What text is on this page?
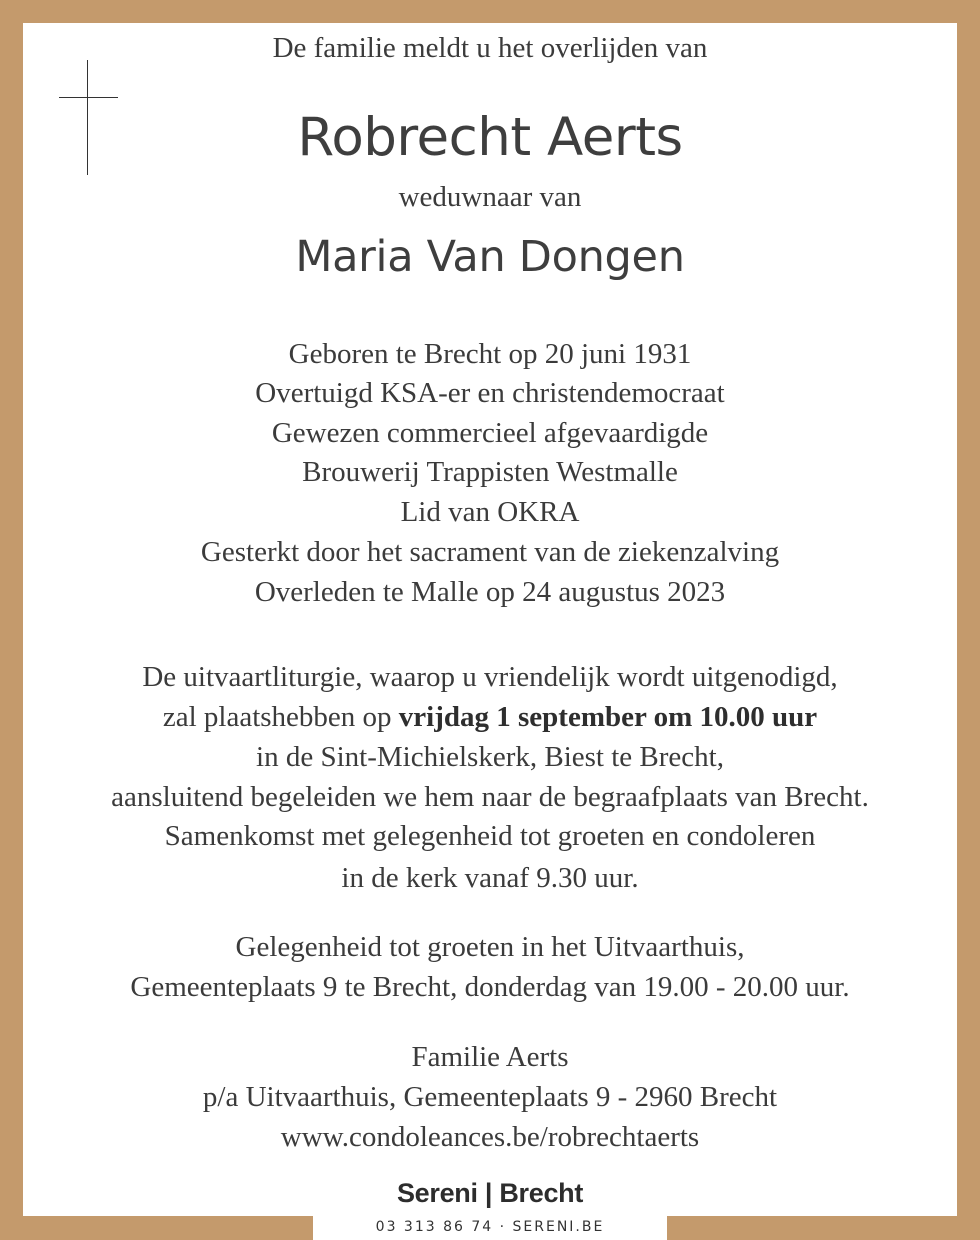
De familie meldt u het overlijden van
Robrecht Aerts
weduwnaar van
Maria Van Dongen
Geboren te Brecht op 20 juni 1931
Overtuigd KSA-er en christendemocraat
Gewezen commercieel afgevaardigde
Brouwerij Trappisten Westmalle
Lid van OKRA
Gesterkt door het sacrament van de ziekenzalving
Overleden te Malle op 24 augustus 2023
De uitvaartliturgie, waarop u vriendelijk wordt uitgenodigd,
zal plaatshebben op vrijdag 1 september om 10.00 uur
in de Sint-Michielskerk, Biest te Brecht,
aansluitend begeleiden we hem naar de begraafplaats van Brecht.
Samenkomst met gelegenheid tot groeten en condoleren
in de kerk vanaf 9.30 uur.
Gelegenheid tot groeten in het Uitvaarthuis,
Gemeenteplaats 9 te Brecht, donderdag van 19.00 - 20.00 uur.
Familie Aerts
p/a Uitvaarthuis, Gemeenteplaats 9 - 2960 Brecht
www.condoleances.be/robrechtaerts
Sereni | Brecht
03 313 86 74 · SERENI.BE
